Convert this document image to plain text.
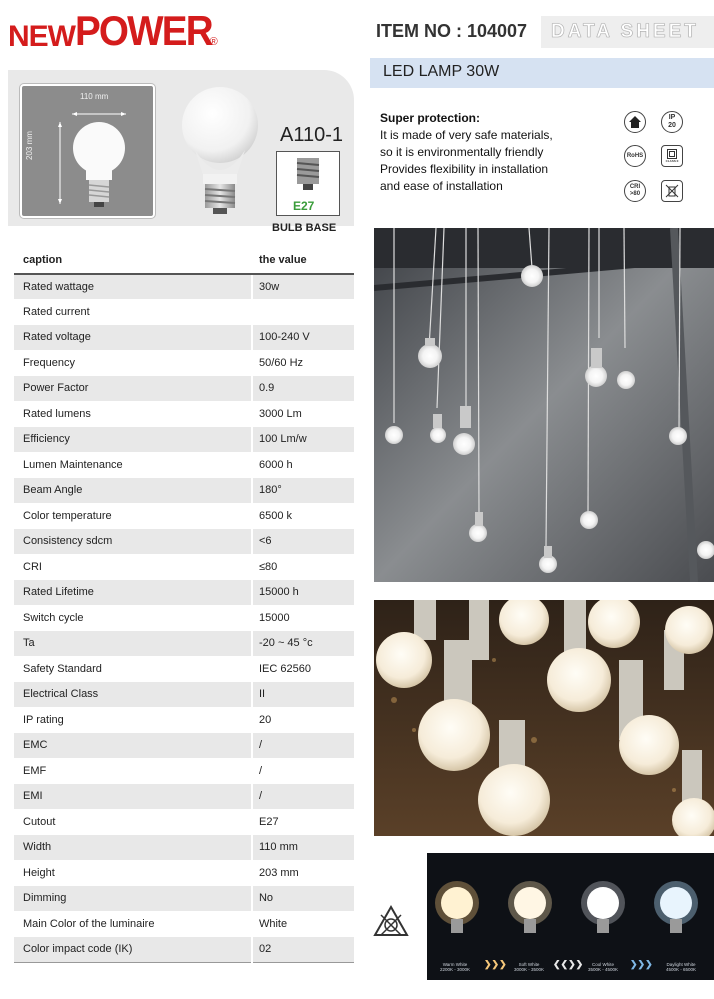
NEW POWER
®
ITEM NO : 104007 DATA SHEET
LED LAMP 30W
110 mm
203 mm	A110-1
E27
BULB BASE
caption	the value
Rated wattage	30w
Rated current	
Rated voltage	100-240 V
Frequency	50/60 Hz
Power Factor	0.9
Rated lumens	3000 Lm
Efficiency	100 Lm/w
Lumen Maintenance	6000 h
Beam Angle	180°
Color temperature	6500 k
Consistency sdcm	<6
CRI	≤80
Rated Lifetime	15000 h
Switch cycle	15000
Ta	-20 ~ 45 °c
Safety Standard	IEC 62560
Electrical Class	II
IP rating	20
EMC	/
EMF	/
EMI	/
Cutout	E27
Width	110 mm
Height	203 mm
Dimming	No
Main Color of the luminaire	White
Color impact code (IK)	02
Super protection:
It is made of very safe materials,
so it is environmentally friendly
Provides flexibility in installation
and ease of installation
IP
20
RoHS
CLASS II
CRI
>80
❯❯❯	❮❮❯❯	❯❯❯
Warm White
2200K - 3000K
Soft White
3000K - 3500K
Cool White
3500K - 4500K
Daylight White
4500K - 6500K
